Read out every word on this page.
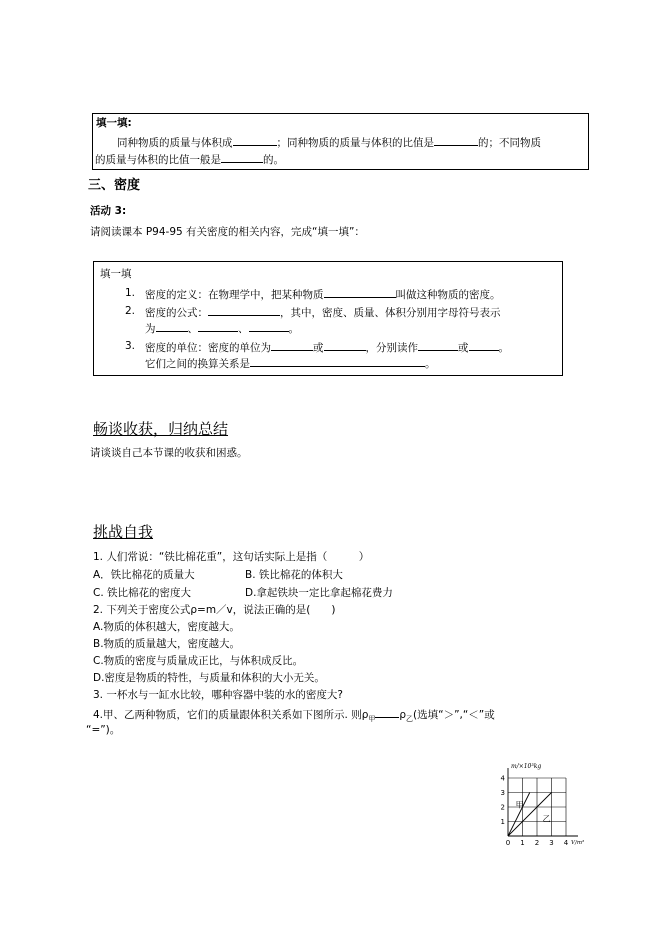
填一填:
同种物质的质量与体积成	；同种物质的质量与体积的比值是	的；不同物质
的质量与体积的比值一般是	的。
三、密度
活动 3:
请阅读课本 P94-95 有关密度的相关内容，完成“填一填”：
填一填
1. 密度的定义：在物理学中，把某种物质	叫做这种物质的密度。
2. 密度的公式：	，其中，密度、质量、体积分别用字母符号表示
为	、	、	。
3. 密度的单位：密度的单位为	或	，分别读作	或	。
它们之间的换算关系是	。
畅谈收获，归纳总结
请谈谈自己本节课的收获和困惑。
挑战自我
1. 人们常说：“铁比棉花重”，这句话实际上是指（　　　）
A．铁比棉花的质量大	B. 铁比棉花的体积大
C. 铁比棉花的密度大	D.拿起铁块一定比拿起棉花费力
2. 下列关于密度公式ρ=m／v，说法正确的是(　　)
A.物质的体积越大，密度越大。
B.物质的质量越大，密度越大。
C.物质的密度与质量成正比，与体积成反比。
D.密度是物质的特性，与质量和体积的大小无关。
3. 一杯水与一缸水比较，哪种容器中装的水的密度大?
4.甲、乙两种物质，它们的质量跟体积关系如下图所示. 则$\rho_甲$ $\rho_乙$(选填“＞”,“＜”或
“=”)。
0 1 2 3 4
1
2
3
4
m/×10³kg
V/m³
甲
乙
